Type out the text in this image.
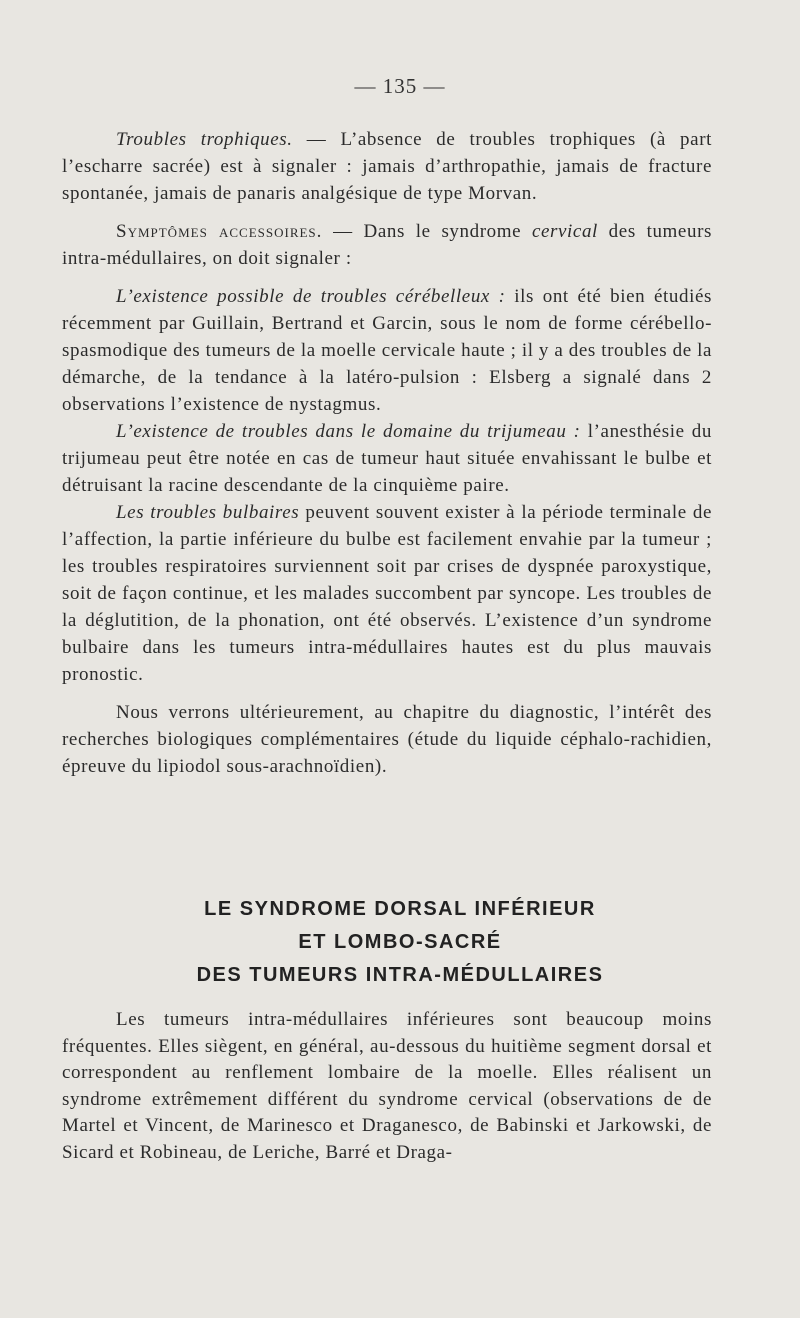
— 135 —

Troubles trophiques. — L’absence de troubles trophiques (à part l’escharre sacrée) est à signaler : jamais d’arthropathie, jamais de fracture spontanée, jamais de panaris analgésique de type Morvan.

Symptômes accessoires. — Dans le syndrome cervical des tumeurs intra-médullaires, on doit signaler :

L’existence possible de troubles cérébelleux : ils ont été bien étudiés récemment par Guillain, Bertrand et Garcin, sous le nom de forme cérébello-spasmodique des tumeurs de la moelle cervicale haute ; il y a des troubles de la démarche, de la tendance à la latéro-pulsion : Elsberg a signalé dans 2 observations l’existence de nystagmus.

L’existence de troubles dans le domaine du trijumeau : l’anesthésie du trijumeau peut être notée en cas de tumeur haut située envahissant le bulbe et détruisant la racine descendante de la cinquième paire.

Les troubles bulbaires peuvent souvent exister à la période terminale de l’affection, la partie inférieure du bulbe est facilement envahie par la tumeur ; les troubles respiratoires surviennent soit par crises de dyspnée paroxystique, soit de façon continue, et les malades succombent par syncope. Les troubles de la déglutition, de la phonation, ont été observés. L’existence d’un syndrome bulbaire dans les tumeurs intra-médullaires hautes est du plus mauvais pronostic.

Nous verrons ultérieurement, au chapitre du diagnostic, l’intérêt des recherches biologiques complémentaires (étude du liquide céphalo-rachidien, épreuve du lipiodol sous-arachnoïdien).

LE SYNDROME DORSAL INFÉRIEUR
ET LOMBO-SACRÉ
DES TUMEURS INTRA-MÉDULLAIRES

Les tumeurs intra-médullaires inférieures sont beaucoup moins fréquentes. Elles siègent, en général, au-dessous du huitième segment dorsal et correspondent au renflement lombaire de la moelle. Elles réalisent un syndrome extrêmement différent du syndrome cervical (observations de de Martel et Vincent, de Marinesco et Draganesco, de Babinski et Jarkowski, de Sicard et Robineau, de Leriche, Barré et Draga-
